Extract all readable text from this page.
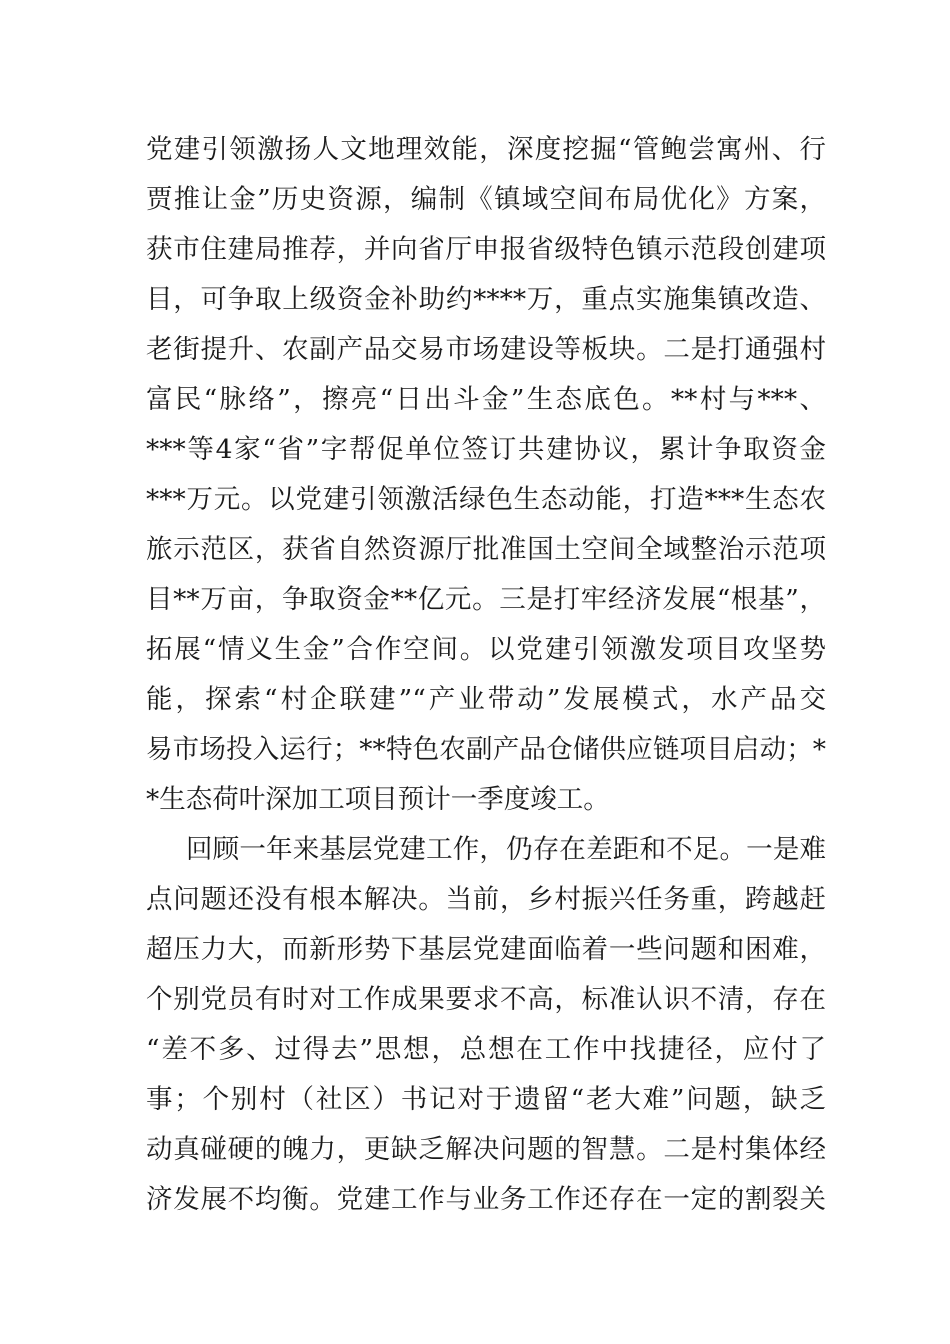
党建引领激扬人文地理效能，深度挖掘“管鲍尝寓州、行
贾推让金”历史资源，编制《镇域空间布局优化》方案，
获市住建局推荐，并向省厅申报省级特色镇示范段创建项
目，可争取上级资金补助约****万，重点实施集镇改造、
老街提升、农副产品交易市场建设等板块。二是打通强村
富民“脉络”，擦亮“日出斗金”生态底色。**村与***、
***等4家“省”字帮促单位签订共建协议，累计争取资金
***万元。以党建引领激活绿色生态动能，打造***生态农
旅示范区，获省自然资源厅批准国土空间全域整治示范项
目**万亩，争取资金**亿元。三是打牢经济发展“根基”，
拓展“情义生金”合作空间。以党建引领激发项目攻坚势
能，探索“村企联建”“产业带动”发展模式，水产品交
易市场投入运行；**特色农副产品仓储供应链项目启动；*
*生态荷叶深加工项目预计一季度竣工。
回顾一年来基层党建工作，仍存在差距和不足。一是难
点问题还没有根本解决。当前，乡村振兴任务重，跨越赶
超压力大，而新形势下基层党建面临着一些问题和困难，
个别党员有时对工作成果要求不高，标准认识不清，存在
“差不多、过得去”思想，总想在工作中找捷径，应付了
事；个别村（社区）书记对于遗留“老大难”问题，缺乏
动真碰硬的魄力，更缺乏解决问题的智慧。二是村集体经
济发展不均衡。党建工作与业务工作还存在一定的割裂关
